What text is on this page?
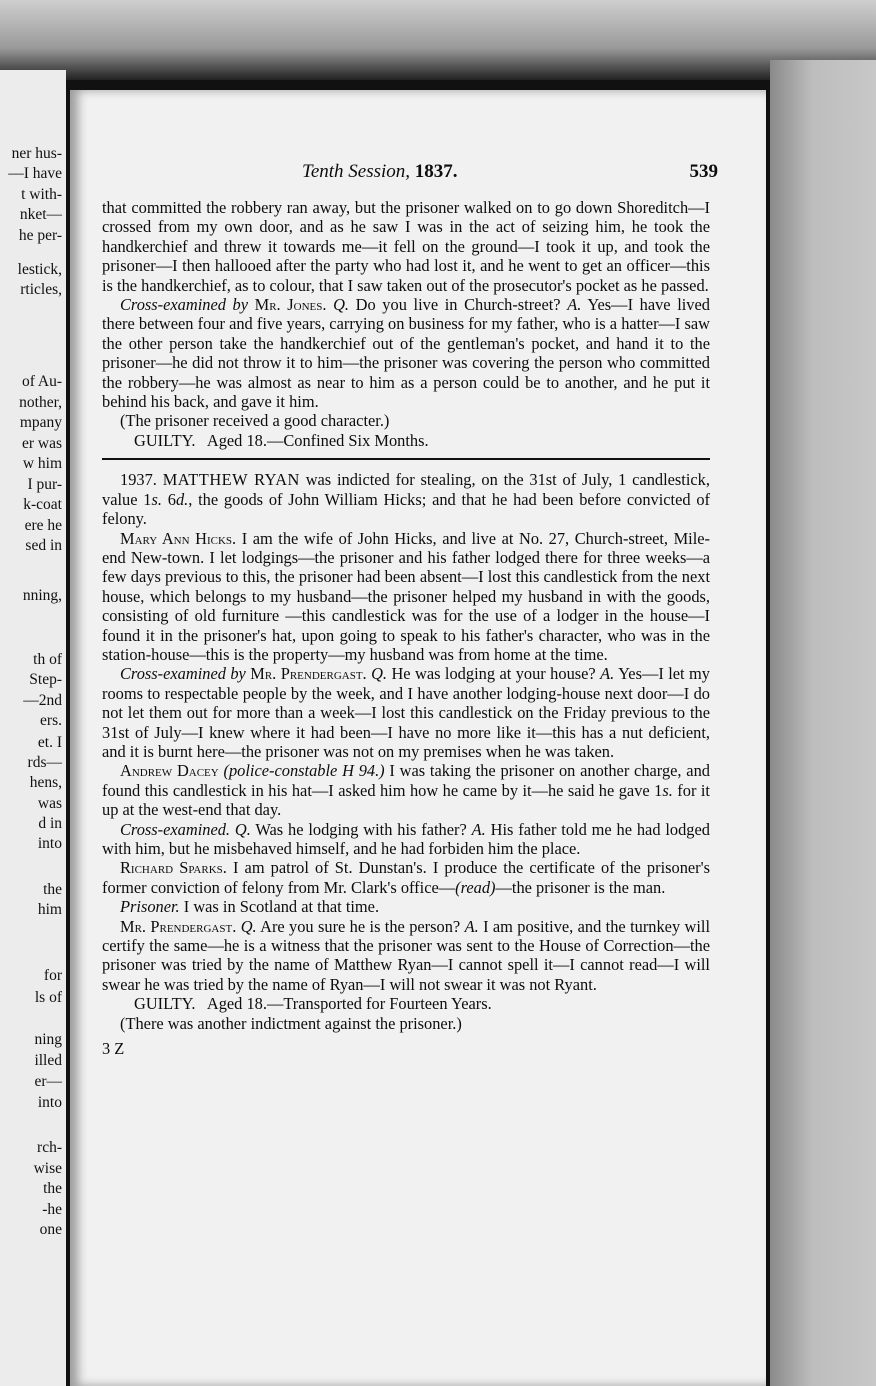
ner hus-
—I have
t with-
nket—
he per-
lestick,
rticles,
of Au-
nother,
mpany
er was
w him
I pur-
k-coat
ere he
sed in
nning,
th of
Step-
—2nd
ers.
et. I
rds—
hens,
was
d in
into
the
him
for
ls of
ning
illed
er—
into
rch-
wise
the
-he
one
Tenth Session, 1837.	539

that committed the robbery ran away, but the prisoner walked on to go down Shoreditch—I crossed from my own door, and as he saw I was in the act of seizing him, he took the handkerchief and threw it towards me—it fell on the ground—I took it up, and took the prisoner—I then hallooed after the party who had lost it, and he went to get an officer—this is the handkerchief, as to colour, that I saw taken out of the prosecutor's pocket as he passed.

Cross-examined by Mr. Jones. Q. Do you live in Church-street? A. Yes—I have lived there between four and five years, carrying on business for my father, who is a hatter—I saw the other person take the handkerchief out of the gentleman's pocket, and hand it to the prisoner—he did not throw it to him—the prisoner was covering the person who committed the robbery—he was almost as near to him as a person could be to another, and he put it behind his back, and gave it him.

(The prisoner received a good character.)

GUILTY.   Aged 18.—Confined Six Months.

1937. MATTHEW RYAN was indicted for stealing, on the 31st of July, 1 candlestick, value 1s. 6d., the goods of John William Hicks; and that he had been before convicted of felony.

Mary Ann Hicks. I am the wife of John Hicks, and live at No. 27, Church-street, Mile-end New-town. I let lodgings—the prisoner and his father lodged there for three weeks—a few days previous to this, the prisoner had been absent—I lost this candlestick from the next house, which belongs to my husband—the prisoner helped my husband in with the goods, consisting of old furniture —this candlestick was for the use of a lodger in the house—I found it in the prisoner's hat, upon going to speak to his father's character, who was in the station-house—this is the property—my husband was from home at the time.

Cross-examined by Mr. Prendergast. Q. He was lodging at your house? A. Yes—I let my rooms to respectable people by the week, and I have another lodging-house next door—I do not let them out for more than a week—I lost this candlestick on the Friday previous to the 31st of July—I knew where it had been—I have no more like it—this has a nut deficient, and it is burnt here—the prisoner was not on my premises when he was taken.

Andrew Dacey (police-constable H 94.) I was taking the prisoner on another charge, and found this candlestick in his hat—I asked him how he came by it—he said he gave 1s. for it up at the west-end that day.

Cross-examined. Q. Was he lodging with his father? A. His father told me he had lodged with him, but he misbehaved himself, and he had forbiden him the place.

Richard Sparks. I am patrol of St. Dunstan's. I produce the certificate of the prisoner's former conviction of felony from Mr. Clark's office—(read)—the prisoner is the man.

Prisoner. I was in Scotland at that time.

Mr. Prendergast. Q. Are you sure he is the person? A. I am positive, and the turnkey will certify the same—he is a witness that the prisoner was sent to the House of Correction—the prisoner was tried by the name of Matthew Ryan—I cannot spell it—I cannot read—I will swear he was tried by the name of Ryan—I will not swear it was not Ryant.

GUILTY.   Aged 18.—Transported for Fourteen Years.

(There was another indictment against the prisoner.)

3 Z
